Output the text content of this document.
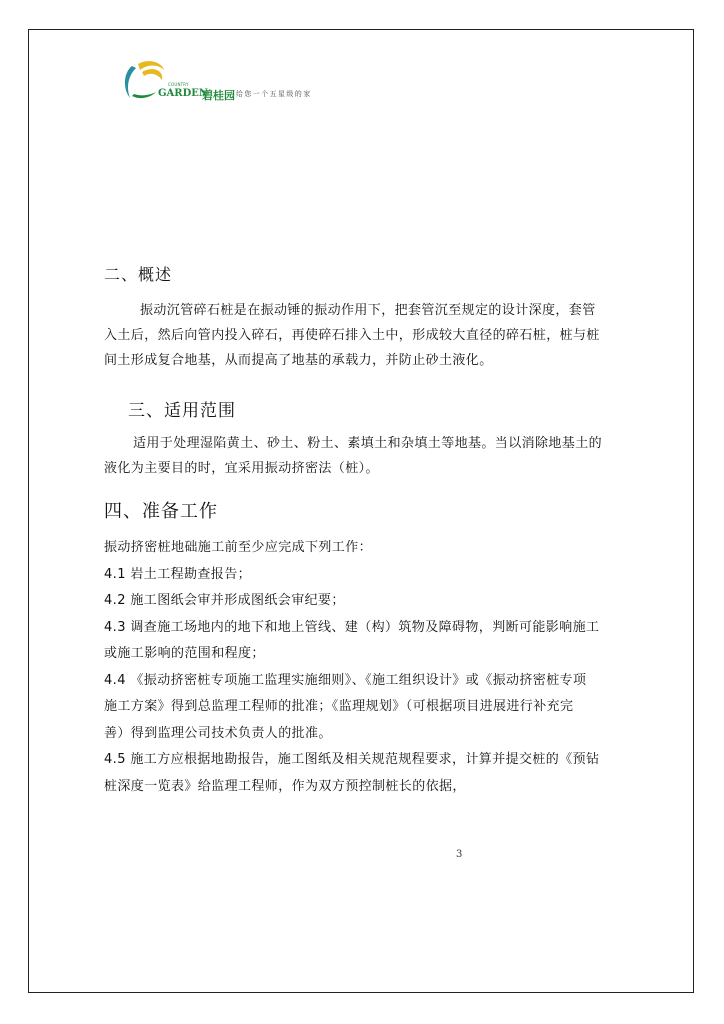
COUNTRY
GARDEN
碧桂园 给您一个五星级的家
二、概述
振动沉管碎石桩是在振动锤的振动作用下，把套管沉至规定的设计深度，套管
入土后，然后向管内投入碎石，再使碎石排入土中，形成较大直径的碎石桩，桩与桩
间土形成复合地基，从而提高了地基的承载力，并防止砂土液化。
三、适用范围
适用于处理湿陷黄土、砂土、粉土、素填土和杂填土等地基。当以消除地基土的
液化为主要目的时，宜采用振动挤密法（桩）。
四、准备工作
振动挤密桩地础施工前至少应完成下列工作：
4.1 岩土工程勘查报告；
4.2 施工图纸会审并形成图纸会审纪要；
4.3 调查施工场地内的地下和地上管线、建（构）筑物及障碍物，判断可能影响施工
或施工影响的范围和程度；
4.4 《振动挤密桩专项施工监理实施细则》、《施工组织设计》或《振动挤密桩专项
施工方案》得到总监理工程师的批准；《监理规划》（可根据项目进展进行补充完
善）得到监理公司技术负责人的批准。
4.5 施工方应根据地勘报告，施工图纸及相关规范规程要求，计算并提交桩的《预钻
桩深度一览表》给监理工程师，作为双方预控制桩长的依据，
3
